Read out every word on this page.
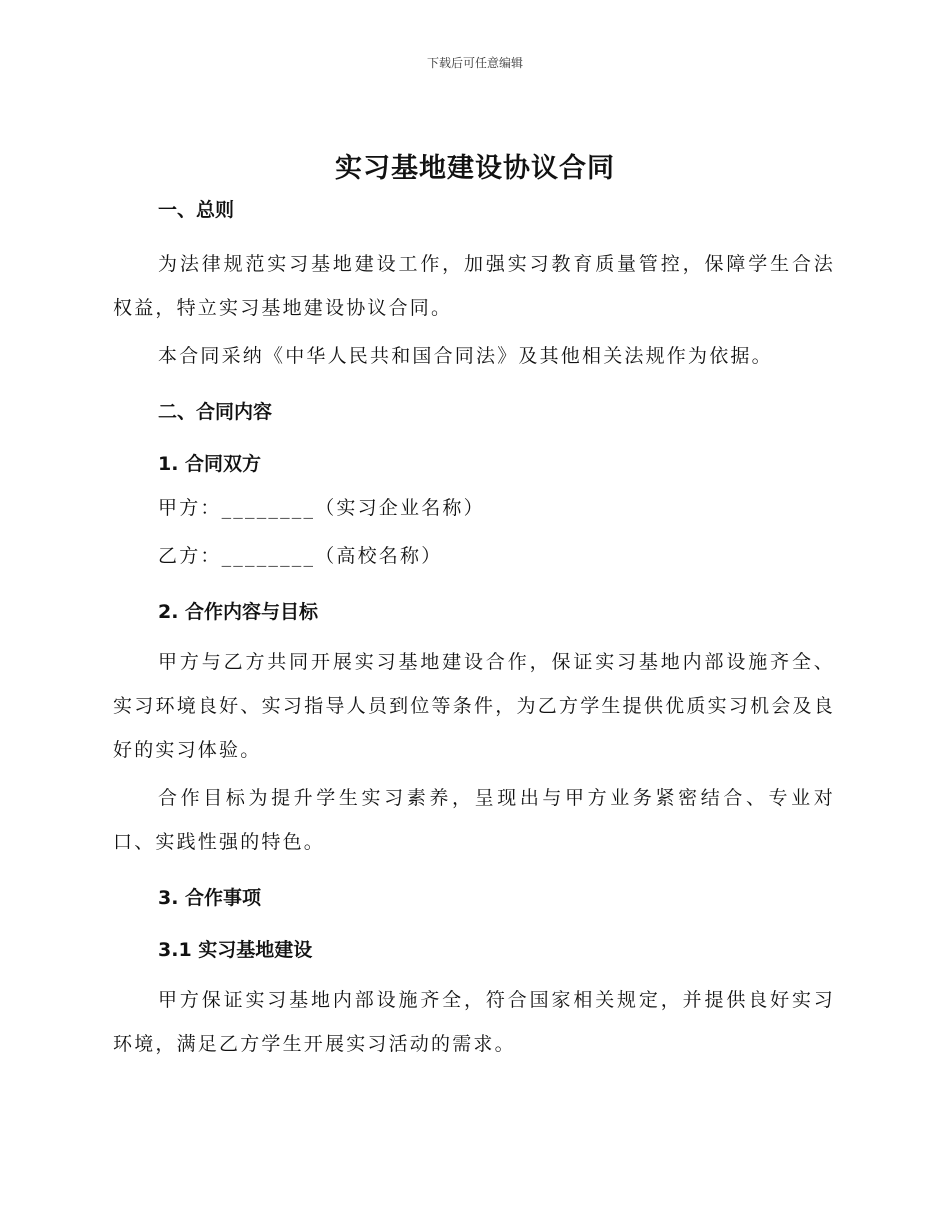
下载后可任意编辑
实习基地建设协议合同
一、总则

为法律规范实习基地建设工作，加强实习教育质量管控，保障学生合法权益，特立实习基地建设协议合同。

本合同采纳《中华人民共和国合同法》及其他相关法规作为依据。

二、合同内容
1. 合同双方

甲方：________（实习企业名称）

乙方：________（高校名称）

2. 合作内容与目标

甲方与乙方共同开展实习基地建设合作，保证实习基地内部设施齐全、实习环境良好、实习指导人员到位等条件，为乙方学生提供优质实习机会及良好的实习体验。

合作目标为提升学生实习素养，呈现出与甲方业务紧密结合、专业对口、实践性强的特色。

3. 合作事项
3.1 实习基地建设

甲方保证实习基地内部设施齐全，符合国家相关规定，并提供良好实习环境，满足乙方学生开展实习活动的需求。
